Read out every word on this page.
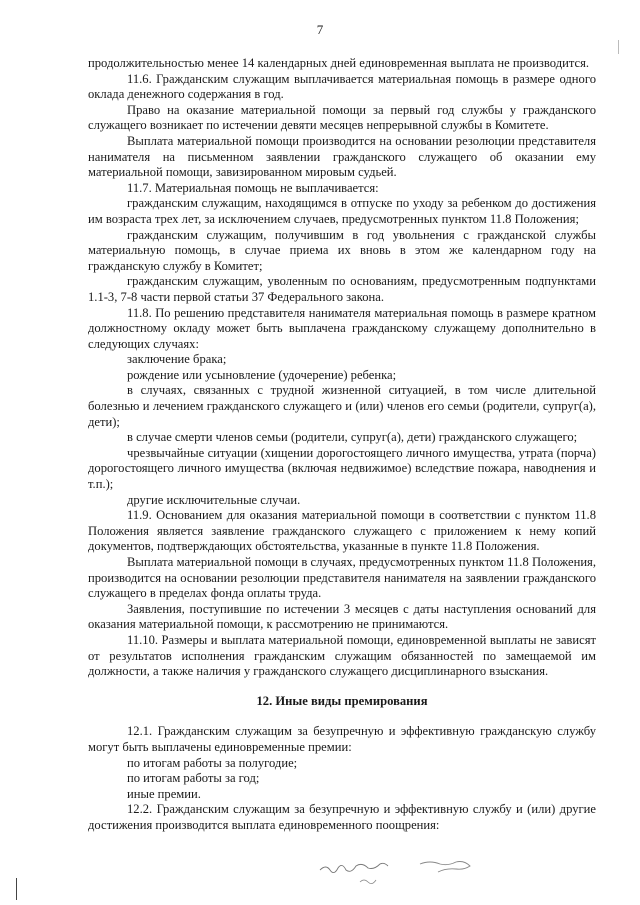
7

продолжительностью менее 14 календарных дней единовременная выплата не производится.

11.6. Гражданским служащим выплачивается материальная помощь в размере одного оклада денежного содержания в год.

Право на оказание материальной помощи за первый год службы у гражданского служащего возникает по истечении девяти месяцев непрерывной службы в Комитете.

Выплата материальной помощи производится на основании резолюции представителя нанимателя на письменном заявлении гражданского служащего об оказании ему материальной помощи, завизированном мировым судьей.

11.7. Материальная помощь не выплачивается:

гражданским служащим, находящимся в отпуске по уходу за ребенком до достижения им возраста трех лет, за исключением случаев, предусмотренных пунктом 11.8 Положения;

гражданским служащим, получившим в год увольнения с гражданской службы материальную помощь, в случае приема их вновь в этом же календарном году на гражданскую службу в Комитет;

гражданским служащим, уволенным по основаниям, предусмотренным подпунктами 1.1-3, 7-8 части первой статьи 37 Федерального закона.

11.8. По решению представителя нанимателя материальная помощь в размере кратном должностному окладу может быть выплачена гражданскому служащему дополнительно в следующих случаях:

заключение брака;

рождение или усыновление (удочерение) ребенка;

в случаях, связанных с трудной жизненной ситуацией, в том числе длительной болезнью и лечением гражданского служащего и (или) членов его семьи (родители, супруг(а), дети);

в случае смерти членов семьи (родители, супруг(а), дети) гражданского служащего;

чрезвычайные ситуации (хищении дорогостоящего личного имущества, утрата (порча) дорогостоящего личного имущества (включая недвижимое) вследствие пожара, наводнения и т.п.);

другие исключительные случаи.

11.9. Основанием для оказания материальной помощи в соответствии с пунктом 11.8 Положения является заявление гражданского служащего с приложением к нему копий документов, подтверждающих обстоятельства, указанные в пункте 11.8 Положения.

Выплата материальной помощи в случаях, предусмотренных пунктом 11.8 Положения, производится на основании резолюции представителя нанимателя на заявлении гражданского служащего в пределах фонда оплаты труда.

Заявления, поступившие по истечении 3 месяцев с даты наступления оснований для оказания материальной помощи, к рассмотрению не принимаются.

11.10. Размеры и выплата материальной помощи, единовременной выплаты не зависят от результатов исполнения гражданским служащим обязанностей по замещаемой им должности, а также наличия у гражданского служащего дисциплинарного взыскания.

12. Иные виды премирования

12.1. Гражданским служащим за безупречную и эффективную гражданскую службу могут быть выплачены единовременные премии:

по итогам работы за полугодие;

по итогам работы за год;

иные премии.

12.2. Гражданским служащим за безупречную и эффективную службу и (или) другие достижения производится выплата единовременного поощрения:
